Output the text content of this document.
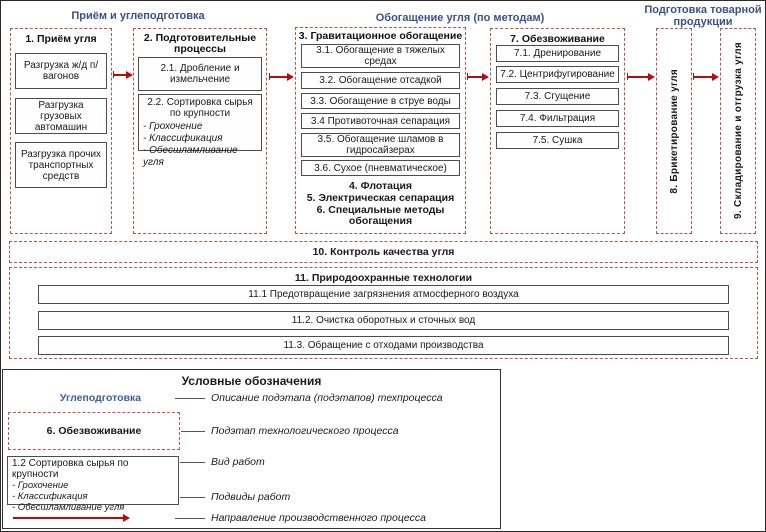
Приём и углеподготовка	Обогащение угля (по методам)
Подготовка товарной продукции
1. Приём угля
Разгрузка ж/д п/вагонов
Разгрузка грузовых автомашин
Разгрузка прочих транспортных средств
2. Подготовительные процессы
2.1. Дробление и измельчение
2.2. Сортировка сырья по крупности
- Грохочение
- Классификация
- Обесшламливание угля
3. Гравитационное обогащение
3.1. Обогащение в тяжелых средах
3.2. Обогащение отсадкой
3.3. Обогащение в струе воды
3.4 Противоточная сепарация
3.5. Обогащение шламов в гидросайзерах
3.6. Сухое (пневматическое)
4. Флотация
5. Электрическая сепарация
6. Специальные методы обогащения
7. Обезвоживание
7.1. Дренирование
7.2. Центрифугирование
7.3. Сгущение
7.4. Фильтрация
7.5. Сушка	8. Брикетирование угля	9. Складирование и отгрузка угля
10. Контроль качества угля
11. Природоохранные технологии
11.1 Предотвращение загрязнения атмосферного воздуха
11.2. Очистка оборотных и сточных вод
11.3. Обращение с отходами производства
Условные обозначения
Углеподготовка	Описание подэтапа (подэтапов) техпроцесса
6. Обезвоживание	Подэтап технологического процесса
1.2 Сортировка сырья по крупности
- Грохочение
- Классификация
- Обесшламливание угля
Вид работ
Подвиды работ
Направление производственного процесса
